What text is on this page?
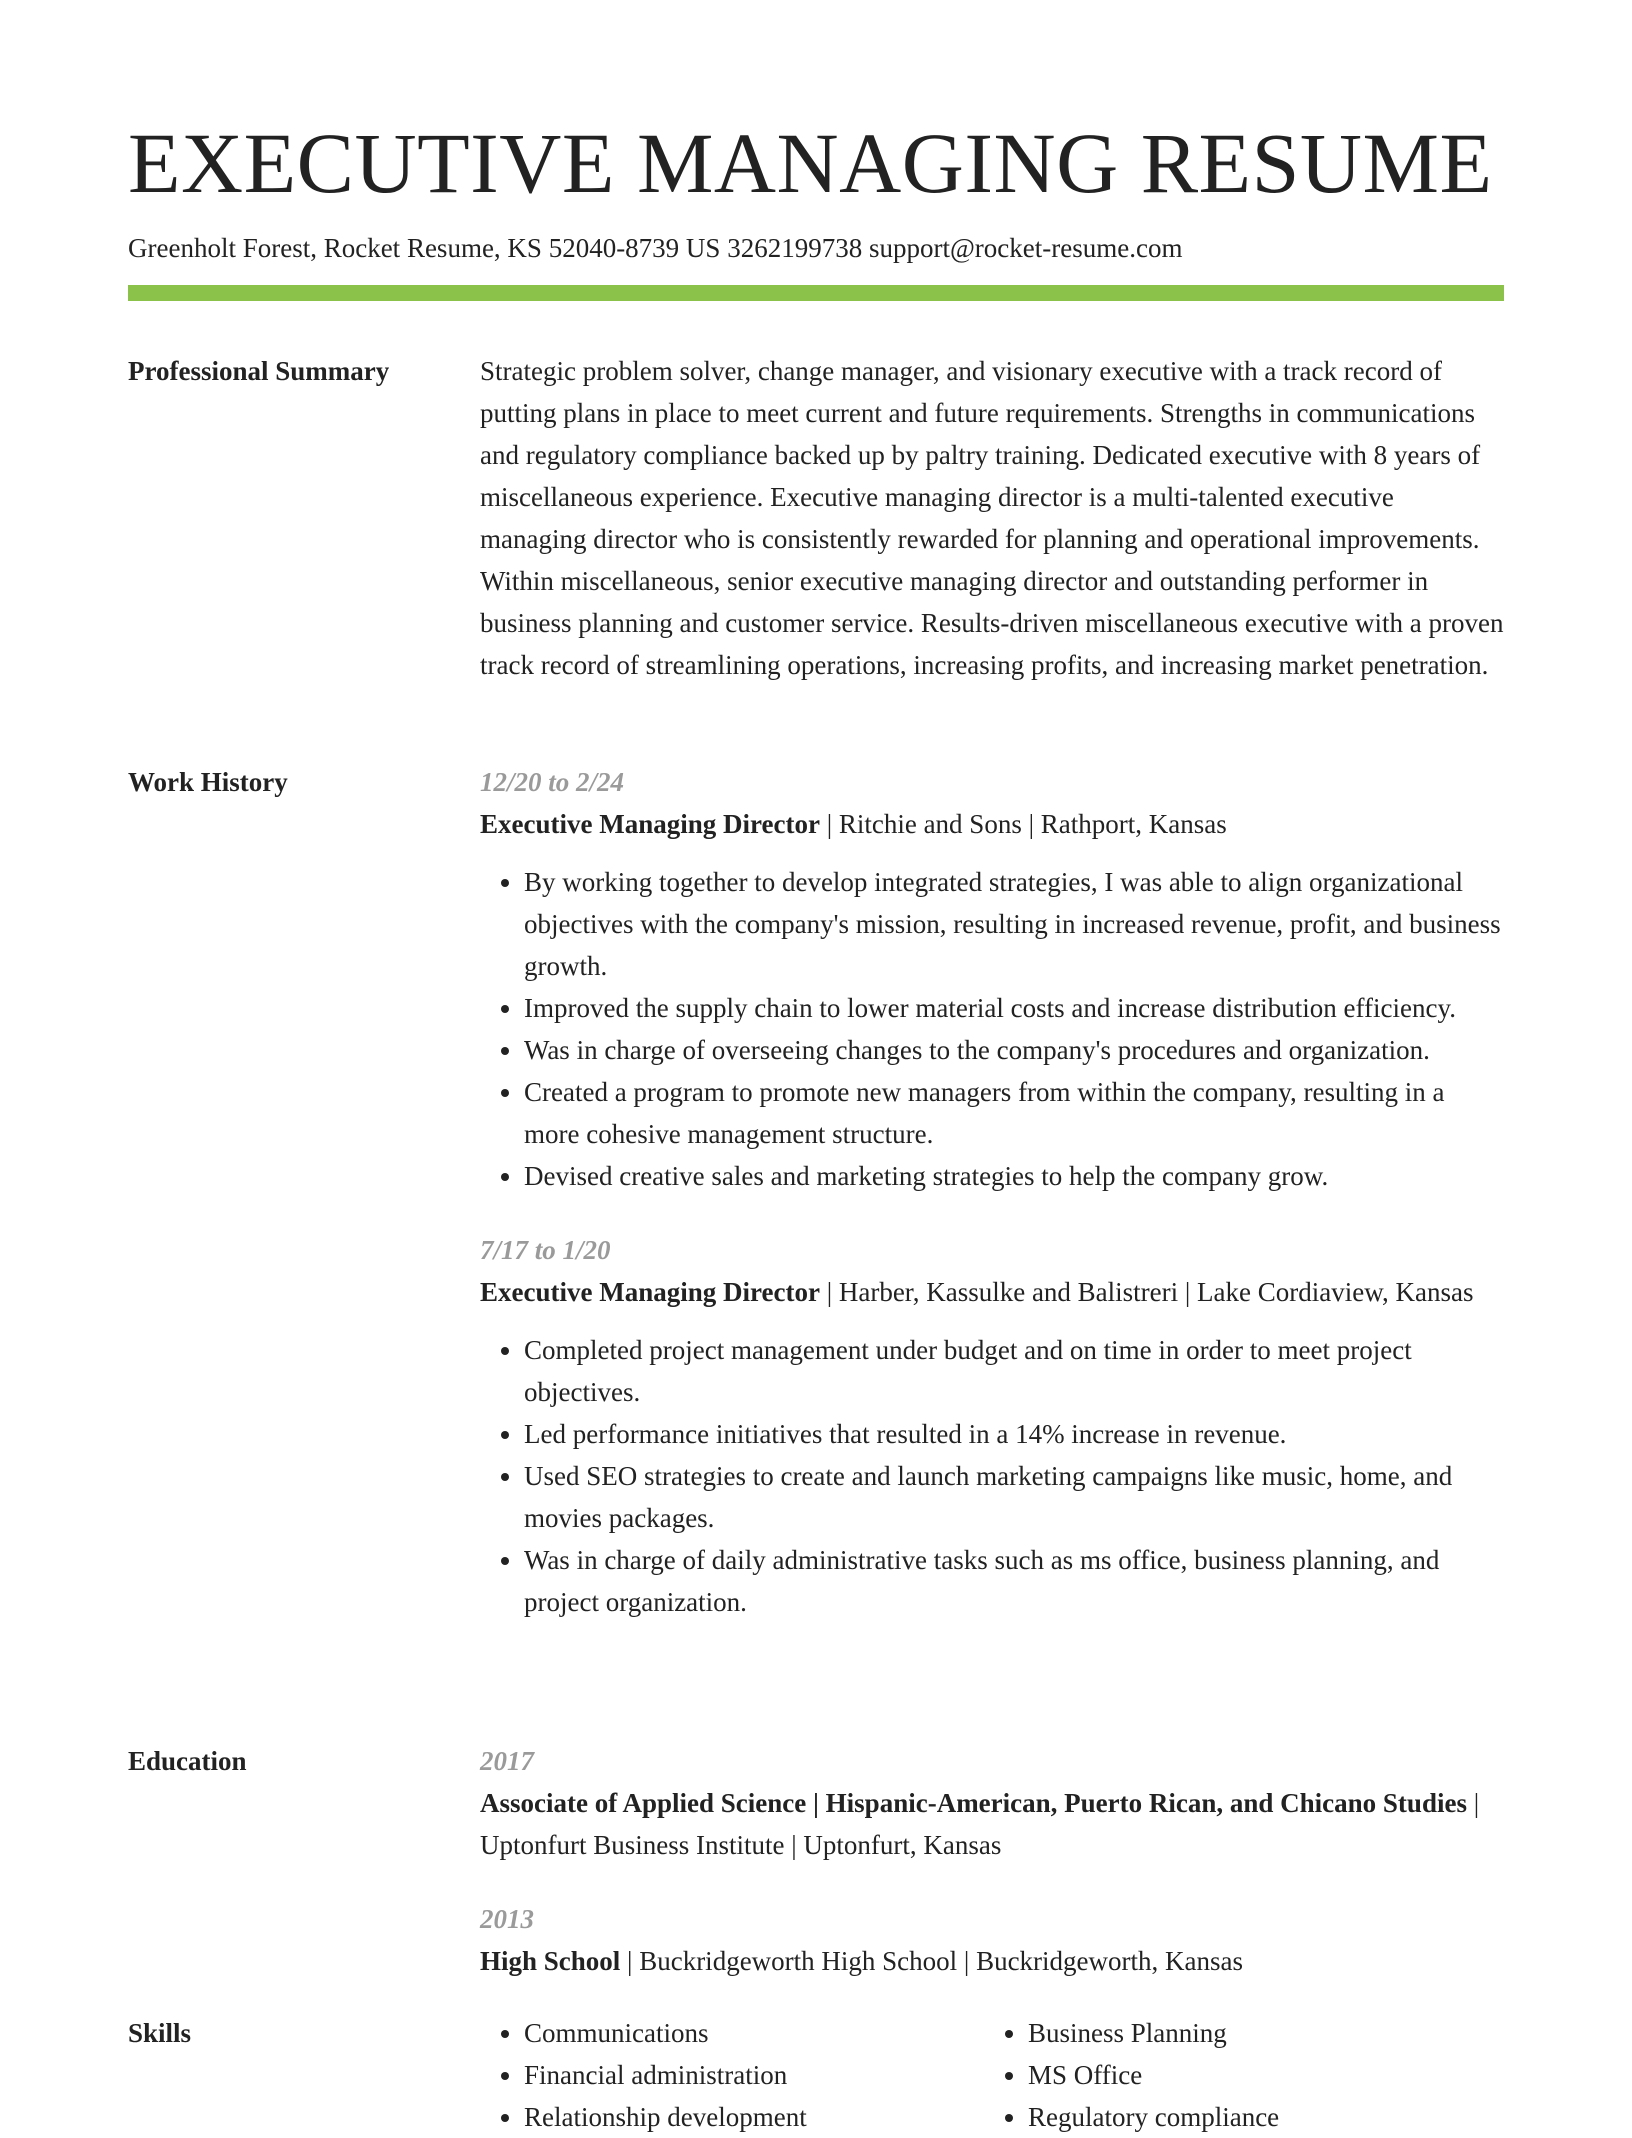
EXECUTIVE MANAGING RESUME
Greenholt Forest, Rocket Resume, KS 52040-8739 US 3262199738 support@rocket-resume.com
Professional Summary	Strategic problem solver, change manager, and visionary executive with a track record of putting plans in place to meet current and future requirements. Strengths in communications and regulatory compliance backed up by paltry training. Dedicated executive with 8 years of miscellaneous experience. Executive managing director is a multi-talented executive managing director who is consistently rewarded for planning and operational improvements. Within miscellaneous, senior executive managing director and outstanding performer in business planning and customer service. Results-driven miscellaneous executive with a proven track record of streamlining operations, increasing profits, and increasing market penetration.

Work History	12/20 to 2/24
Executive Managing Director | Ritchie and Sons | Rathport, Kansas
• By working together to develop integrated strategies, I was able to align organizational objectives with the company's mission, resulting in increased revenue, profit, and business growth.
• Improved the supply chain to lower material costs and increase distribution efficiency.
• Was in charge of overseeing changes to the company's procedures and organization.
• Created a program to promote new managers from within the company, resulting in a more cohesive management structure.
• Devised creative sales and marketing strategies to help the company grow.
7/17 to 1/20
Executive Managing Director | Harber, Kassulke and Balistreri | Lake Cordiaview, Kansas
• Completed project management under budget and on time in order to meet project objectives.
• Led performance initiatives that resulted in a 14% increase in revenue.
• Used SEO strategies to create and launch marketing campaigns like music, home, and movies packages.
• Was in charge of daily administrative tasks such as ms office, business planning, and project organization.
Education	2017
Associate of Applied Science | Hispanic-American, Puerto Rican, and Chicano Studies | Uptonfurt Business Institute | Uptonfurt, Kansas
2013
High School | Buckridgeworth High School | Buckridgeworth, Kansas
Skills
•	Communications
• Financial administration
• Relationship development
• Business Planning
• MS Office
• Regulatory compliance
